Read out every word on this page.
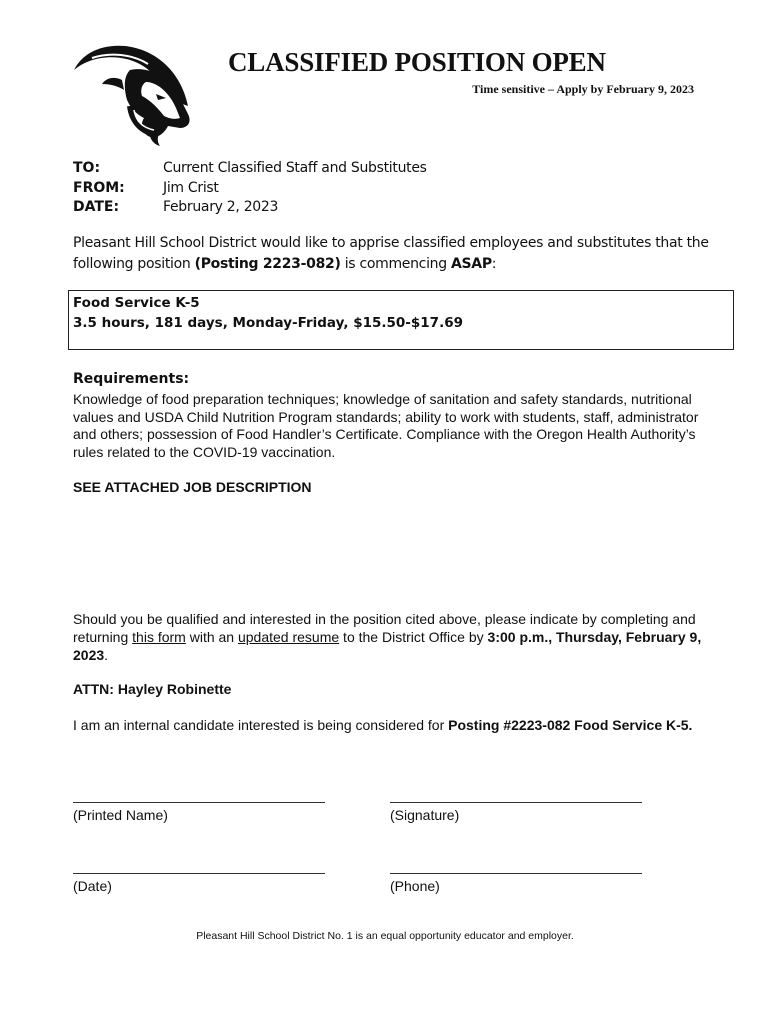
CLASSIFIED POSITION OPEN
Time sensitive – Apply by February 9, 2023
TO:	Current Classified Staff and Substitutes
FROM:	Jim Crist
DATE:	February 2, 2023
Pleasant Hill School District would like to apprise classified employees and substitutes that the following position (Posting 2223-082) is commencing ASAP:
Food Service K-5
3.5 hours, 181 days, Monday-Friday, $15.50-$17.69
Requirements:
Knowledge of food preparation techniques; knowledge of sanitation and safety standards, nutritional values and USDA Child Nutrition Program standards; ability to work with students, staff, administrator and others; possession of Food Handler’s Certificate. Compliance with the Oregon Health Authority’s rules related to the COVID-19 vaccination.
SEE ATTACHED JOB DESCRIPTION
Should you be qualified and interested in the position cited above, please indicate by completing and returning this form with an updated resume to the District Office by 3:00 p.m., Thursday, February 9, 2023.
ATTN: Hayley Robinette
I am an internal candidate interested is being considered for Posting #2223-082 Food Service K-5.
(Printed Name)	(Signature)
(Date)	(Phone)
Pleasant Hill School District No. 1 is an equal opportunity educator and employer.
